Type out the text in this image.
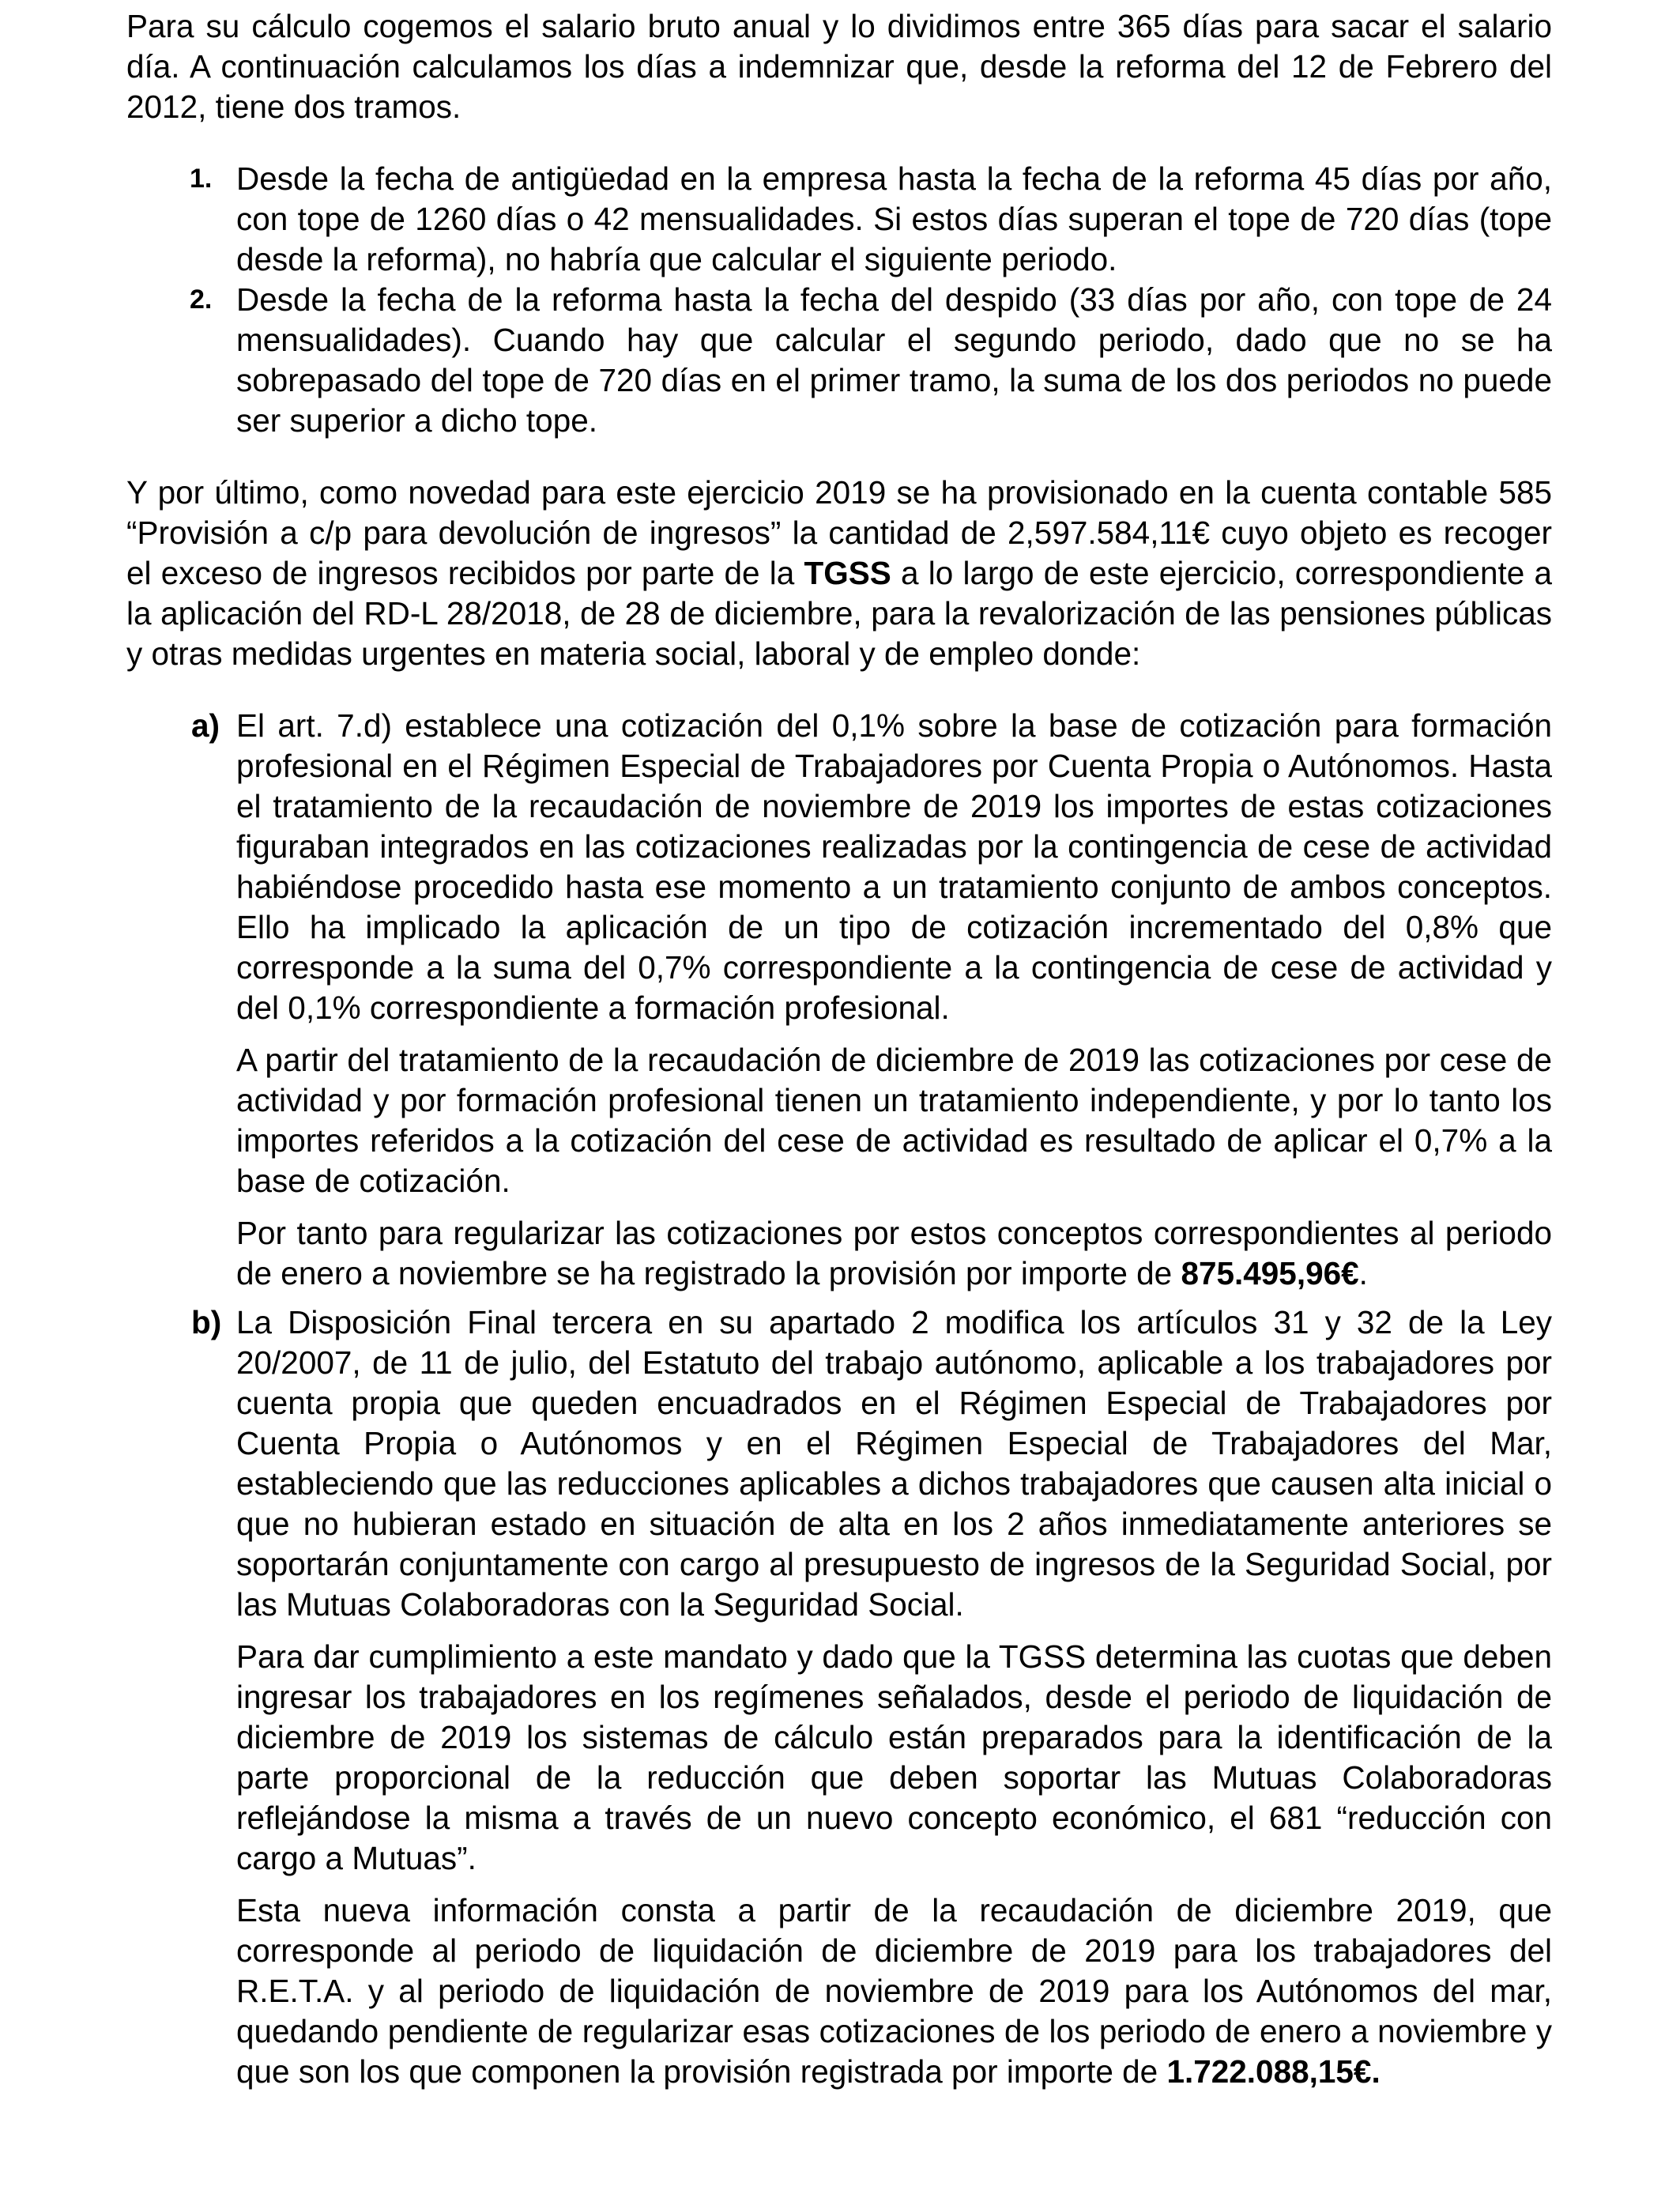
Para su cálculo cogemos el salario bruto anual y lo dividimos entre 365 días para sacar el salario día. A continuación calculamos los días a indemnizar que, desde la reforma del 12 de Febrero del 2012, tiene dos tramos.

1. Desde la fecha de antigüedad en la empresa hasta la fecha de la reforma 45 días por año, con tope de 1260 días o 42 mensualidades. Si estos días superan el tope de 720 días (tope desde la reforma), no habría que calcular el siguiente periodo.

2. Desde la fecha de la reforma hasta la fecha del despido (33 días por año, con tope de 24 mensualidades). Cuando hay que calcular el segundo periodo, dado que no se ha sobrepasado del tope de 720 días en el primer tramo, la suma de los dos periodos no puede ser superior a dicho tope.

Y por último, como novedad para este ejercicio 2019 se ha provisionado en la cuenta contable 585 “Provisión a c/p para devolución de ingresos” la cantidad de 2,597.584,11€ cuyo objeto es recoger el exceso de ingresos recibidos por parte de la TGSS a lo largo de este ejercicio, correspondiente a la aplicación del RD-L 28/2018, de 28 de diciembre, para la revalorización de las pensiones públicas y otras medidas urgentes en materia social, laboral y de empleo donde:

a) El art. 7.d) establece una cotización del 0,1% sobre la base de cotización para formación profesional en el Régimen Especial de Trabajadores por Cuenta Propia o Autónomos. Hasta el tratamiento de la recaudación de noviembre de 2019 los importes de estas cotizaciones figuraban integrados en las cotizaciones realizadas por la contingencia de cese de actividad habiéndose procedido hasta ese momento a un tratamiento conjunto de ambos conceptos. Ello ha implicado la aplicación de un tipo de cotización incrementado del 0,8% que corresponde a la suma del 0,7% correspondiente a la contingencia de cese de actividad y del 0,1% correspondiente a formación profesional.

A partir del tratamiento de la recaudación de diciembre de 2019 las cotizaciones por cese de actividad y por formación profesional tienen un tratamiento independiente, y por lo tanto los importes referidos a la cotización del cese de actividad es resultado de aplicar el 0,7% a la base de cotización.

Por tanto para regularizar las cotizaciones por estos conceptos correspondientes al periodo de enero a noviembre se ha registrado la provisión por importe de 875.495,96€.

b) La Disposición Final tercera en su apartado 2 modifica los artículos 31 y 32 de la Ley 20/2007, de 11 de julio, del Estatuto del trabajo autónomo, aplicable a los trabajadores por cuenta propia que queden encuadrados en el Régimen Especial de Trabajadores por Cuenta Propia o Autónomos y en el Régimen Especial de Trabajadores del Mar, estableciendo que las reducciones aplicables a dichos trabajadores que causen alta inicial o que no hubieran estado en situación de alta en los 2 años inmediatamente anteriores se soportarán conjuntamente con cargo al presupuesto de ingresos de la Seguridad Social, por las Mutuas Colaboradoras con la Seguridad Social.

Para dar cumplimiento a este mandato y dado que la TGSS determina las cuotas que deben ingresar los trabajadores en los regímenes señalados, desde el periodo de liquidación de diciembre de 2019 los sistemas de cálculo están preparados para la identificación de la parte proporcional de la reducción que deben soportar las Mutuas Colaboradoras reflejándose la misma a través de un nuevo concepto económico, el 681 “reducción con cargo a Mutuas”.

Esta nueva información consta a partir de la recaudación de diciembre 2019, que corresponde al periodo de liquidación de diciembre de 2019 para los trabajadores del R.E.T.A. y al periodo de liquidación de noviembre de 2019 para los Autónomos del mar, quedando pendiente de regularizar esas cotizaciones de los periodo de enero a noviembre y que son los que componen la provisión registrada por importe de 1.722.088,15€.
